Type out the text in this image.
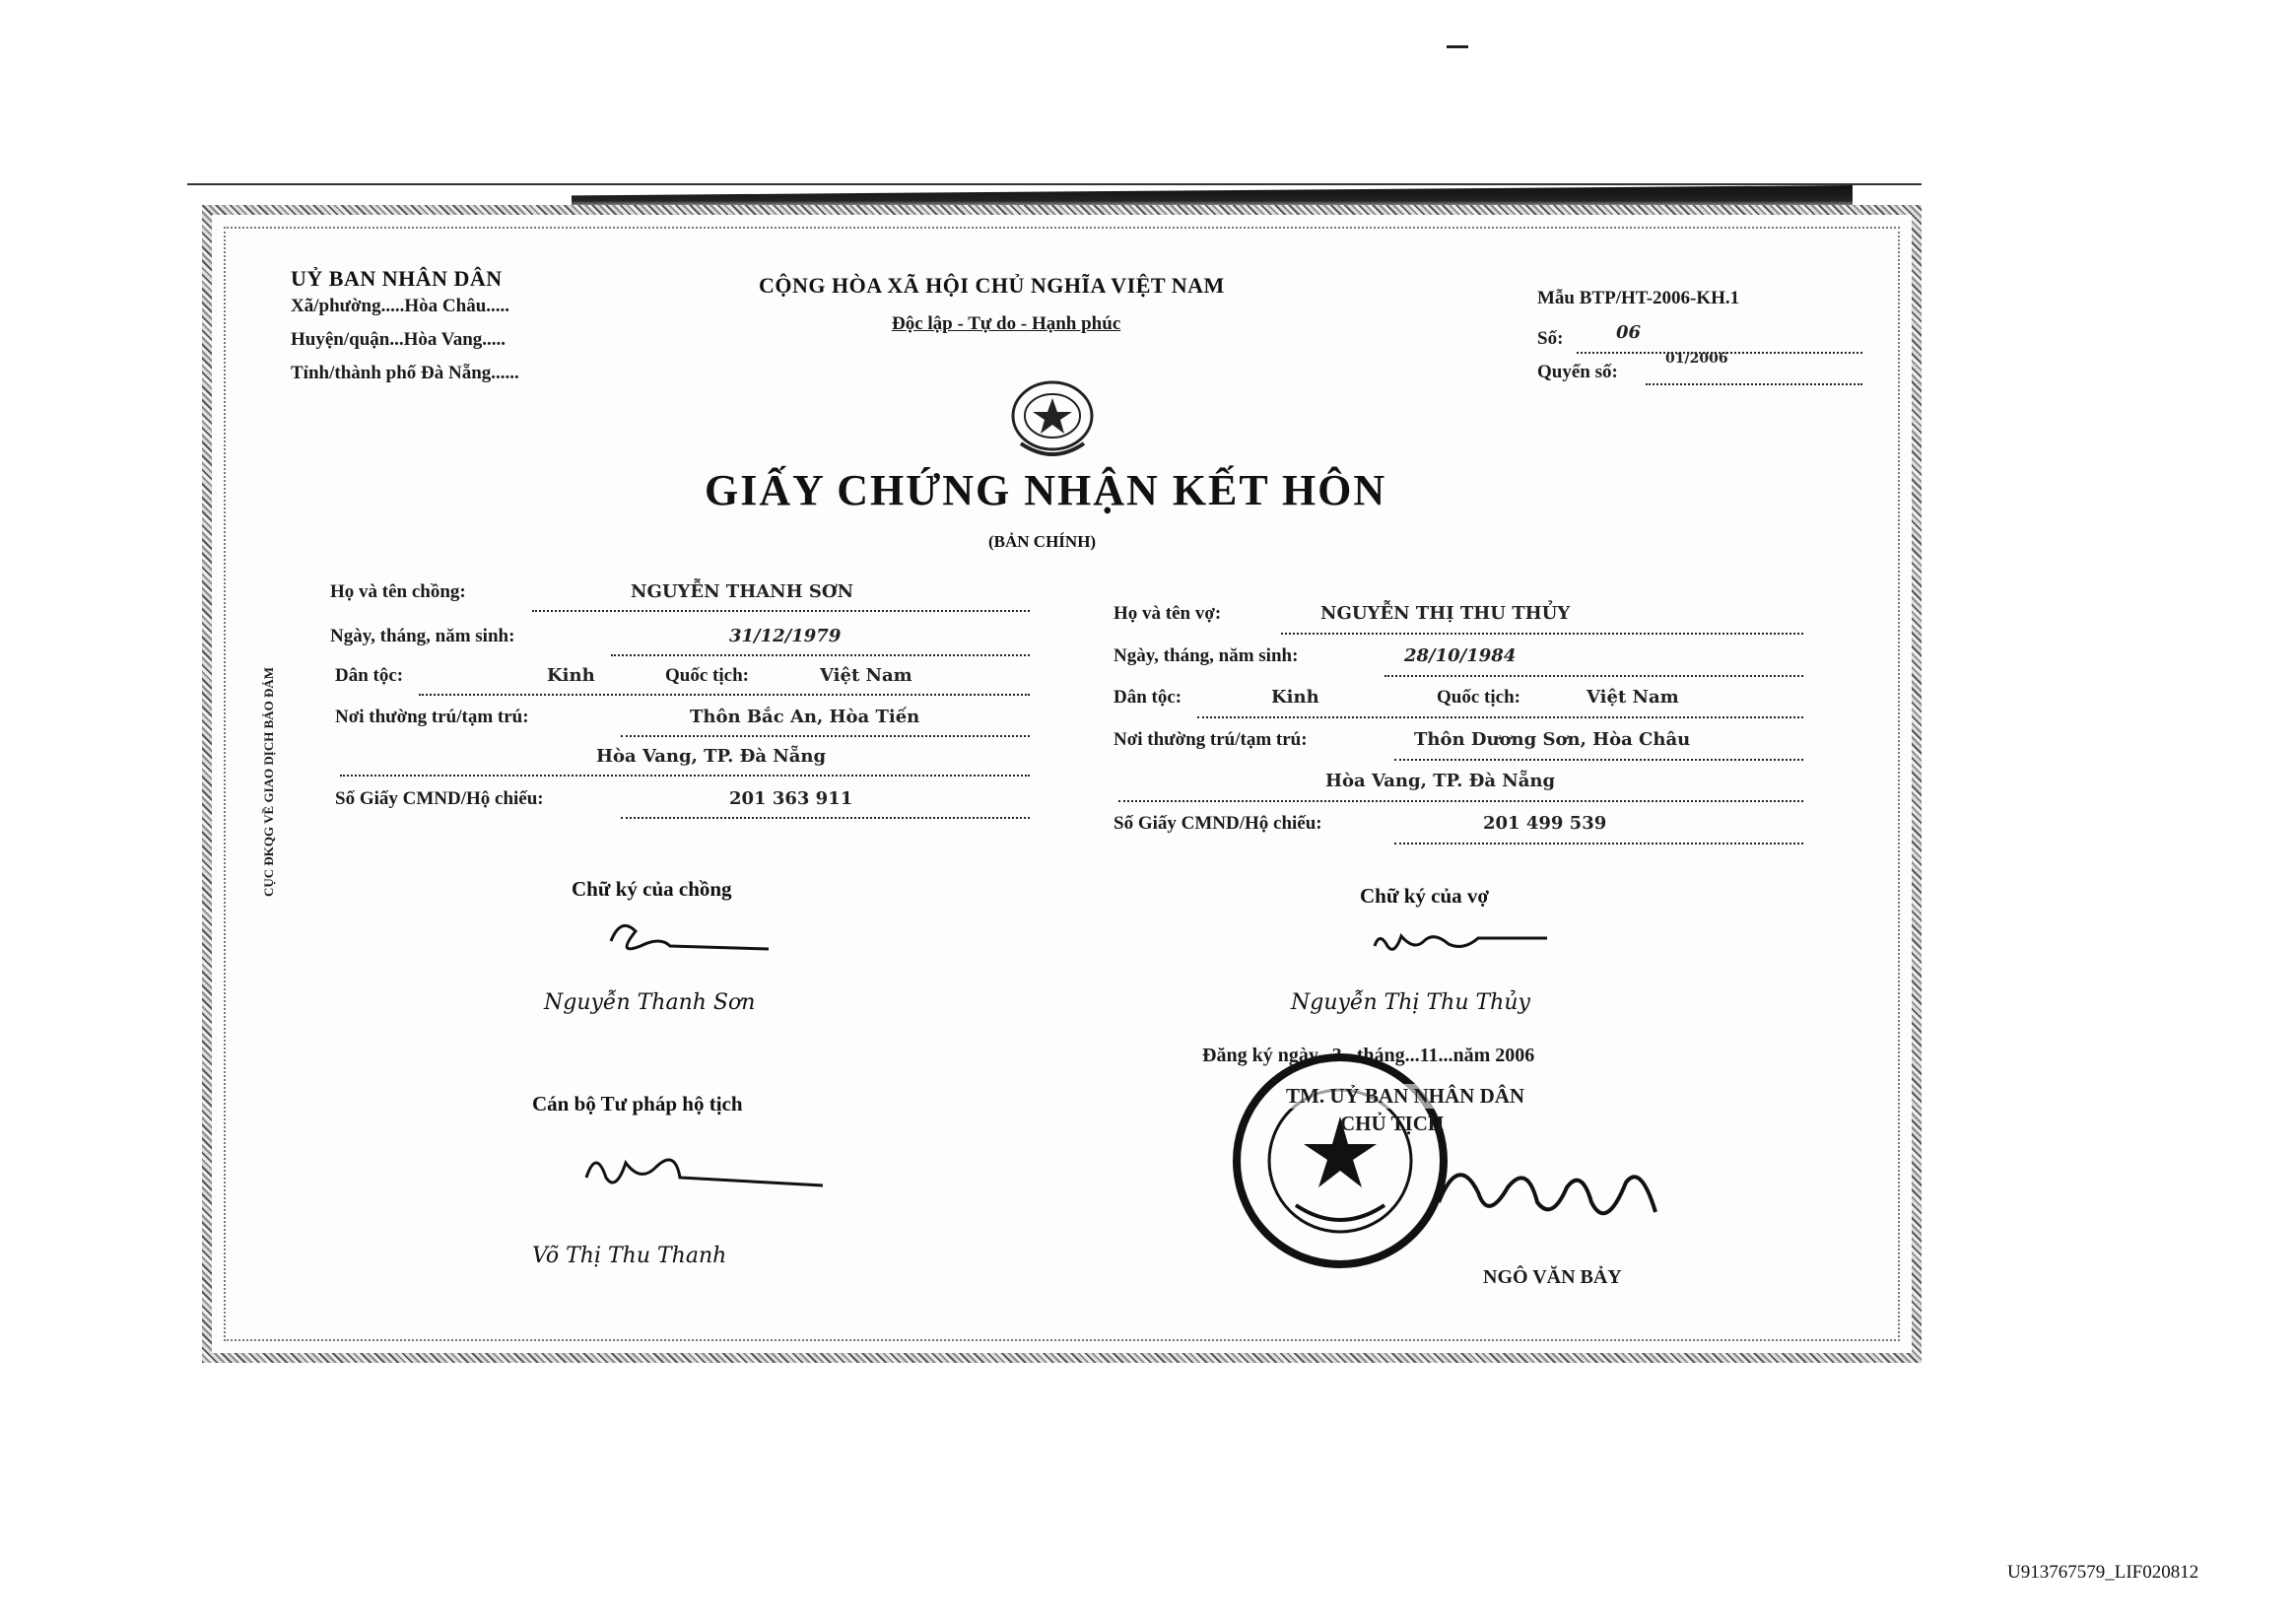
UỶ BAN NHÂN DÂN
Xã/phường.....Hòa Châu.....
Huyện/quận...Hòa Vang.....
Tỉnh/thành phố Đà Nẵng......
CỘNG HÒA XÃ HỘI CHỦ NGHĨA VIỆT NAM
Độc lập - Tự do - Hạnh phúc
Mẫu BTP/HT-2006-KH.1
Số:	06
Quyển số:
01/2006
GIẤY CHỨNG NHẬN KẾT HÔN
(BẢN CHÍNH)
Họ và tên chồng:	NGUYỄN THANH SƠN
Ngày, tháng, năm sinh:	31/12/1979
Dân tộc:	Kinh	Quốc tịch:	Việt Nam
Nơi thường trú/tạm trú:	Thôn Bắc An, Hòa Tiến
Hòa Vang, TP. Đà Nẵng
Số Giấy CMND/Hộ chiếu:	201 363 911
Họ và tên vợ:	NGUYỄN THỊ THU THỦY
Ngày, tháng, năm sinh:	28/10/1984
Dân tộc:	Kinh	Quốc tịch:	Việt Nam
Nơi thường trú/tạm trú:	Thôn Dương Sơn, Hòa Châu
Hòa Vang, TP. Đà Nẵng
Số Giấy CMND/Hộ chiếu:	201 499 539
Chữ ký của chồng
Nguyễn Thanh Sơn
Chữ ký của vợ
Nguyễn Thị Thu Thủy
Đăng ký ngày...3...tháng...11...năm 2006
Cán bộ Tư pháp hộ tịch
Võ Thị Thu Thanh
TM. UỶ BAN NHÂN DÂN
CHỦ TỊCH
NGÔ VĂN BẢY
CỤC ĐKQG VỀ GIAO DỊCH BẢO ĐẢM
U913767579_LIF020812
